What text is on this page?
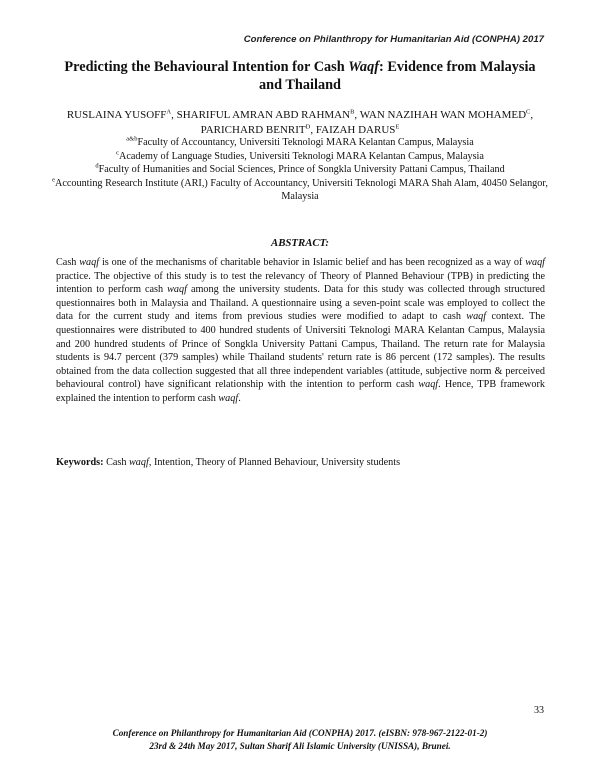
Conference on Philanthropy for Humanitarian Aid (CONPHA) 2017
Predicting the Behavioural Intention for Cash Waqf: Evidence from Malaysia and Thailand
RUSLAINA $YUSOFF^A$, SHARIFUL AMRAN ABD $RAHMAN^B$, WAN NAZIHAH WAN $MOHAMED^C$, PARICHARD $BENRIT^D$, FAIZAH $DARUS^E$
$^{a\&b}$Faculty of Accountancy, Universiti Teknologi MARA Kelantan Campus, Malaysia
$^c$Academy of Language Studies, Universiti Teknologi MARA Kelantan Campus, Malaysia
$^d$Faculty of Humanities and Social Sciences, Prince of Songkla University Pattani Campus, Thailand
$^e$Accounting Research Institute (ARI,) Faculty of Accountancy, Universiti Teknologi MARA Shah Alam, 40450 Selangor, Malaysia
ABSTRACT:
Cash waqf is one of the mechanisms of charitable behavior in Islamic belief and has been recognized as a way of waqf practice. The objective of this study is to test the relevancy of Theory of Planned Behaviour (TPB) in predicting the intention to perform cash waqf among the university students. Data for this study was collected through structured questionnaires both in Malaysia and Thailand. A questionnaire using a seven-point scale was employed to collect the data for the current study and items from previous studies were modified to adapt to cash waqf context. The questionnaires were distributed to 400 hundred students of Universiti Teknologi MARA Kelantan Campus, Malaysia and 200 hundred students of Prince of Songkla University Pattani Campus, Thailand. The return rate for Malaysia students is 94.7 percent (379 samples) while Thailand students' return rate is 86 percent (172 samples). The results obtained from the data collection suggested that all three independent variables (attitude, subjective norm & perceived behavioural control) have significant relationship with the intention to perform cash waqf. Hence, TPB framework explained the intention to perform cash waqf.
Keywords: Cash waqf, Intention, Theory of Planned Behaviour, University students
33
Conference on Philanthropy for Humanitarian Aid (CONPHA) 2017. (eISBN: 978-967-2122-01-2)
23rd & 24th May 2017, Sultan Sharif Ali Islamic University (UNISSA), Brunei.
